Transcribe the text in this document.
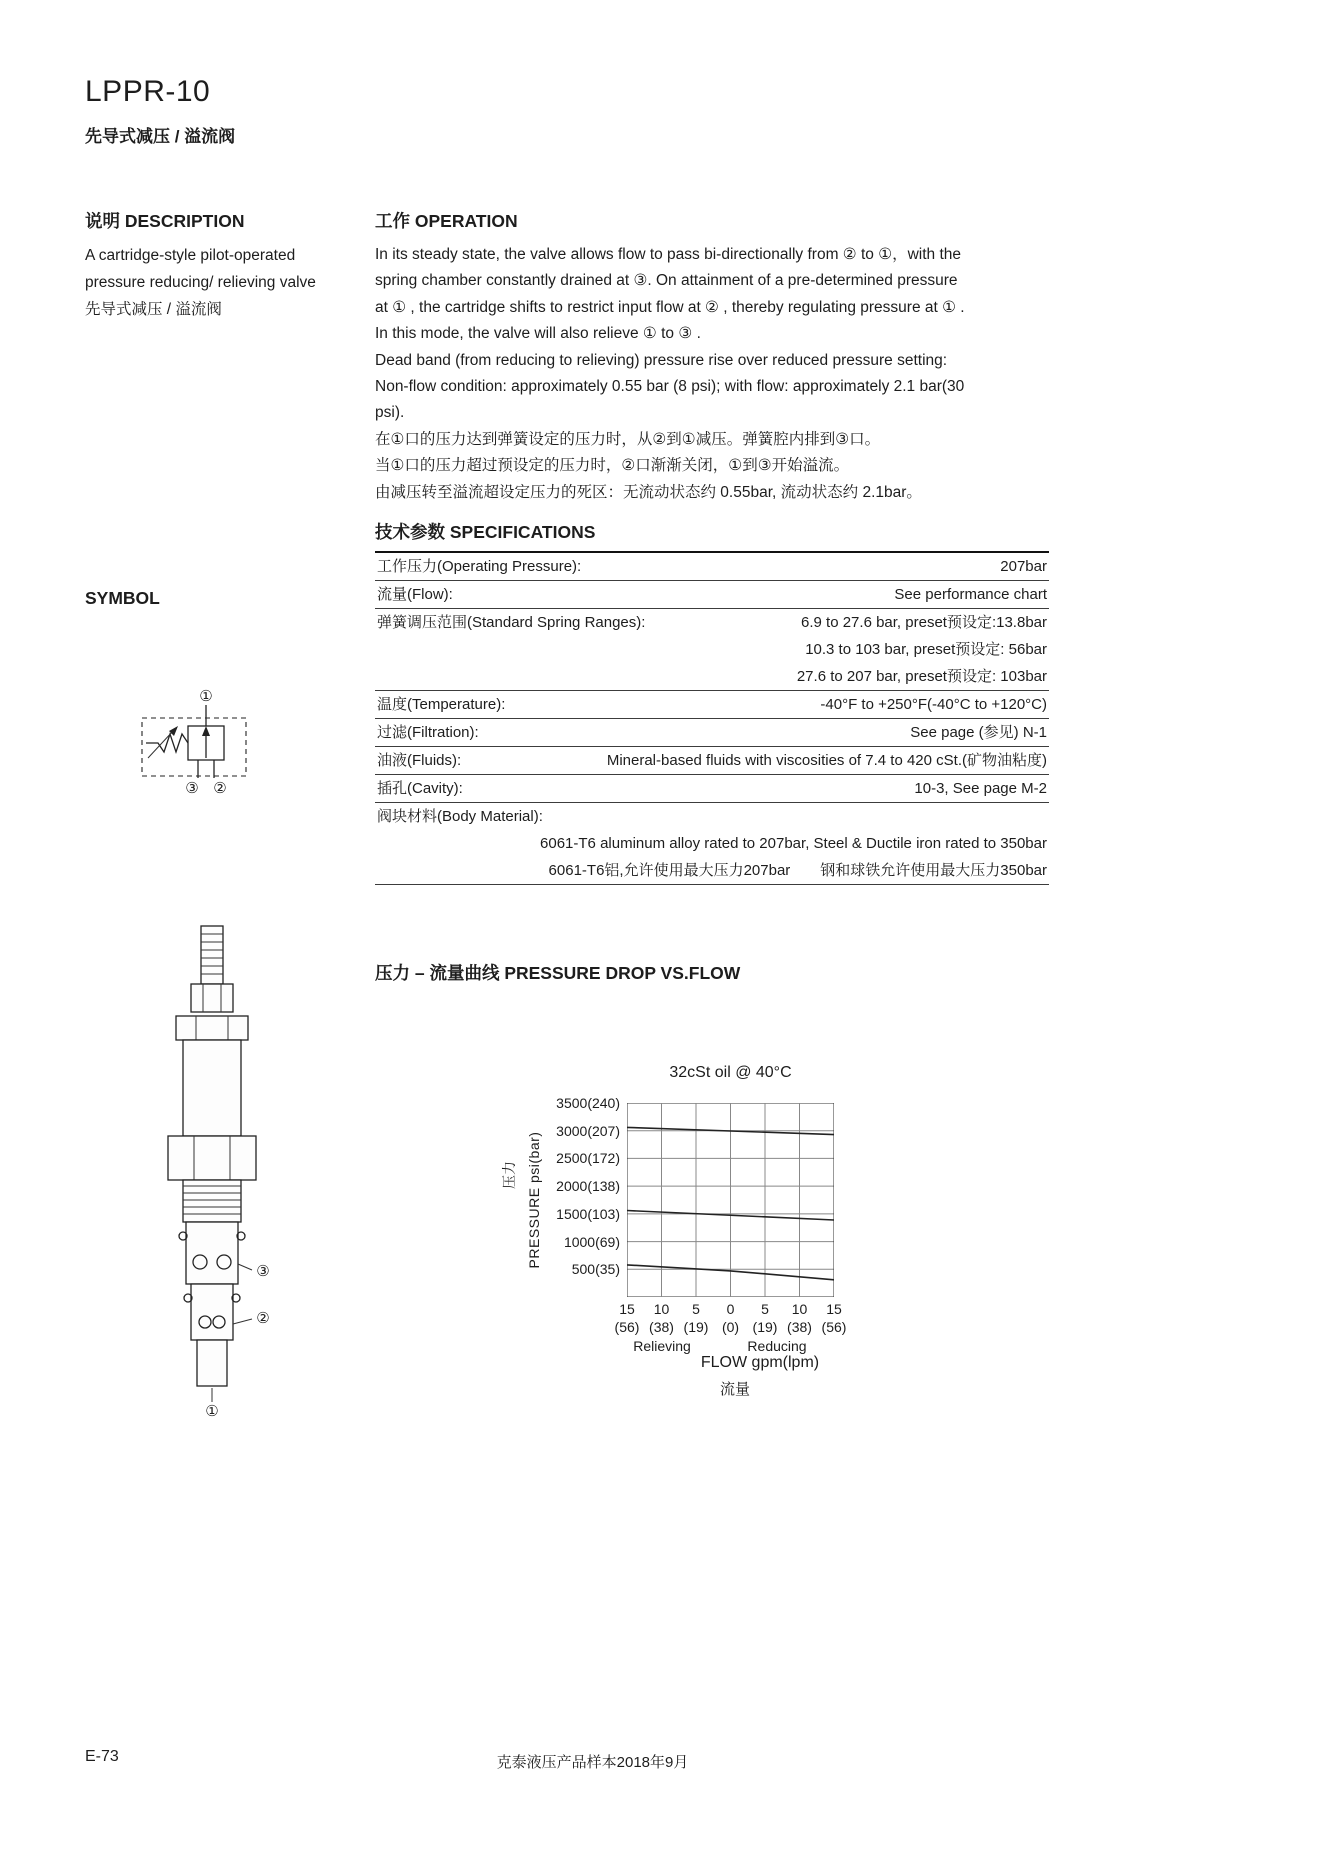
LPPR-10
先导式减压 / 溢流阀
说明 DESCRIPTION
A cartridge-style pilot-operated
pressure reducing/ relieving valve
先导式减压 / 溢流阀
SYMBOL
①
③ ②
③
②
①
工作 OPERATION
In its steady state, the valve allows flow to pass bi-directionally from ② to ①，with the
spring chamber constantly drained at ③. On attainment of a pre-determined pressure
at ① , the cartridge shifts to restrict input flow at ② , thereby regulating pressure at ① .
In this mode, the valve will also relieve ① to ③ .
Dead band (from reducing to relieving) pressure rise over reduced pressure setting:
Non-flow condition: approximately 0.55 bar (8 psi); with flow: approximately 2.1 bar(30
psi).
在①口的压力达到弹簧设定的压力时，从②到①减压。弹簧腔内排到③口。
当①口的压力超过预设定的压力时，②口渐渐关闭，①到③开始溢流。
由减压转至溢流超设定压力的死区：无流动状态约 0.55bar, 流动状态约 2.1bar。
技术参数 SPECIFICATIONS
工作压力(Operating Pressure):	207bar
流量(Flow):	See performance chart
弹簧调压范围(Standard Spring Ranges):	6.9 to 27.6 bar, preset预设定:13.8bar
10.3 to 103 bar, preset预设定: 56bar
27.6 to 207 bar, preset预设定: 103bar
温度(Temperature):	-40°F to +250°F(-40°C to +120°C)
过滤(Filtration):	See page (参见) N-1
油液(Fluids):	Mineral-based fluids with viscosities of 7.4 to 420 cSt.(矿物油粘度)
插孔(Cavity):	10-3, See page M-2
阀块材料(Body Material):
6061-T6 aluminum alloy rated to 207bar, Steel & Ductile iron rated to 350bar
6061-T6铝,允许使用最大压力207bar　　钢和球铁允许使用最大压力350bar
压力 – 流量曲线 PRESSURE DROP VS.FLOW
32cSt oil @ 40°C
压力 PRESSURE psi(bar)
3500(240)
3000(207)
2500(172)
2000(138)
1500(103)
1000(69)
500(35)
15	10	5	0	5	10	15
(56) (38) (19) (0) (19) (38) (56)
Relieving	Reducing
FLOW gpm(lpm)
流量
E-73	克泰液压产品样本2018年9月
